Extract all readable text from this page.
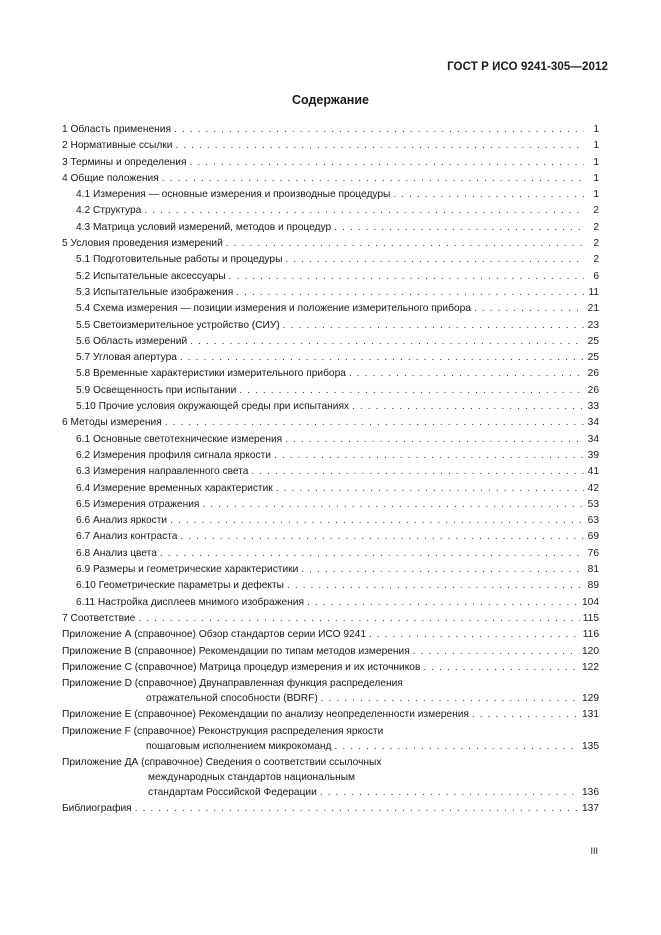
ГОСТ Р ИСО 9241-305—2012
Содержание
1 Область применения . . .	1
2 Нормативные ссылки . . .	1
3 Термины и определения . . .	1
4 Общие положения . . .	1
4.1 Измерения — основные измерения и производные процедуры . . .	1
4.2 Структура . . .	2
4.3 Матрица условий измерений, методов и процедур . . .	2
5 Условия проведения измерений . . .	2
5.1 Подготовительные работы и процедуры . . .	2
5.2 Испытательные аксессуары . . .	6
5.3 Испытательные изображения . . .	11
5.4 Схема измерения — позиции измерения и положение измерительного прибора . . .	21
5.5 Светоизмерительное устройство (СИУ) . . .	23
5.6 Область измерений . . .	25
5.7 Угловая апертура . . .	25
5.8 Временные характеристики измерительного прибора . . .	26
5.9 Освещенность при испытании . . .	26
5.10 Прочие условия окружающей среды при испытаниях . . .	33
6 Методы измерения . . .	34
6.1 Основные светотехнические измерения . . .	34
6.2 Измерения профиля сигнала яркости . . .	39
6.3 Измерения направленного света . . .	41
6.4 Измерение временных характеристик . . .	42
6.5 Измерения отражения . . .	53
6.6 Анализ яркости . . .	63
6.7 Анализ контраста . . .	69
6.8 Анализ цвета . . .	76
6.9 Размеры и геометрические характеристики . . .	81
6.10 Геометрические параметры и дефекты . . .	89
6.11 Настройка дисплеев мнимого изображения . . .	104
7 Соответствие . . .	115
Приложение А (справочное) Обзор стандартов серии ИСО 9241 . . .	116
Приложение В (справочное) Рекомендации по типам методов измерения . . .	120
Приложение С (справочное) Матрица процедур измерения и их источников . . .	122
Приложение D (справочное) Двунаправленная функция распределения
отражательной способности (BDRF) . . .	129
Приложение Е (справочное) Рекомендации по анализу неопределенности измерения . . .	131
Приложение F (справочное) Реконструкция распределения яркости
пошаговым исполнением микрокоманд . . .	135
Приложение ДА (справочное) Сведения о соответствии ссылочных
международных стандартов национальным
стандартам Российской Федерации . . .	136
Библиография . . .	137
III
